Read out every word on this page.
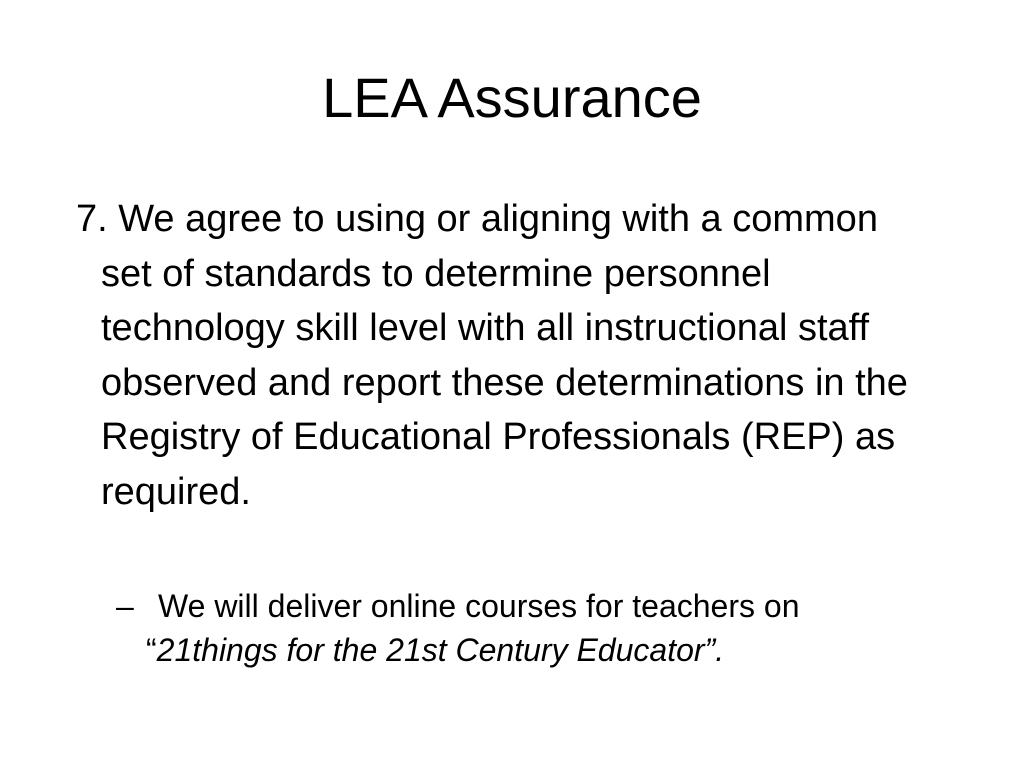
LEA Assurance

7. We agree to using or aligning with a common set of standards to determine personnel technology skill level with all instructional staff observed and report these determinations in the Registry of Educational Professionals (REP) as required.

– We will deliver online courses for teachers on
“21things for the 21st Century Educator”.
